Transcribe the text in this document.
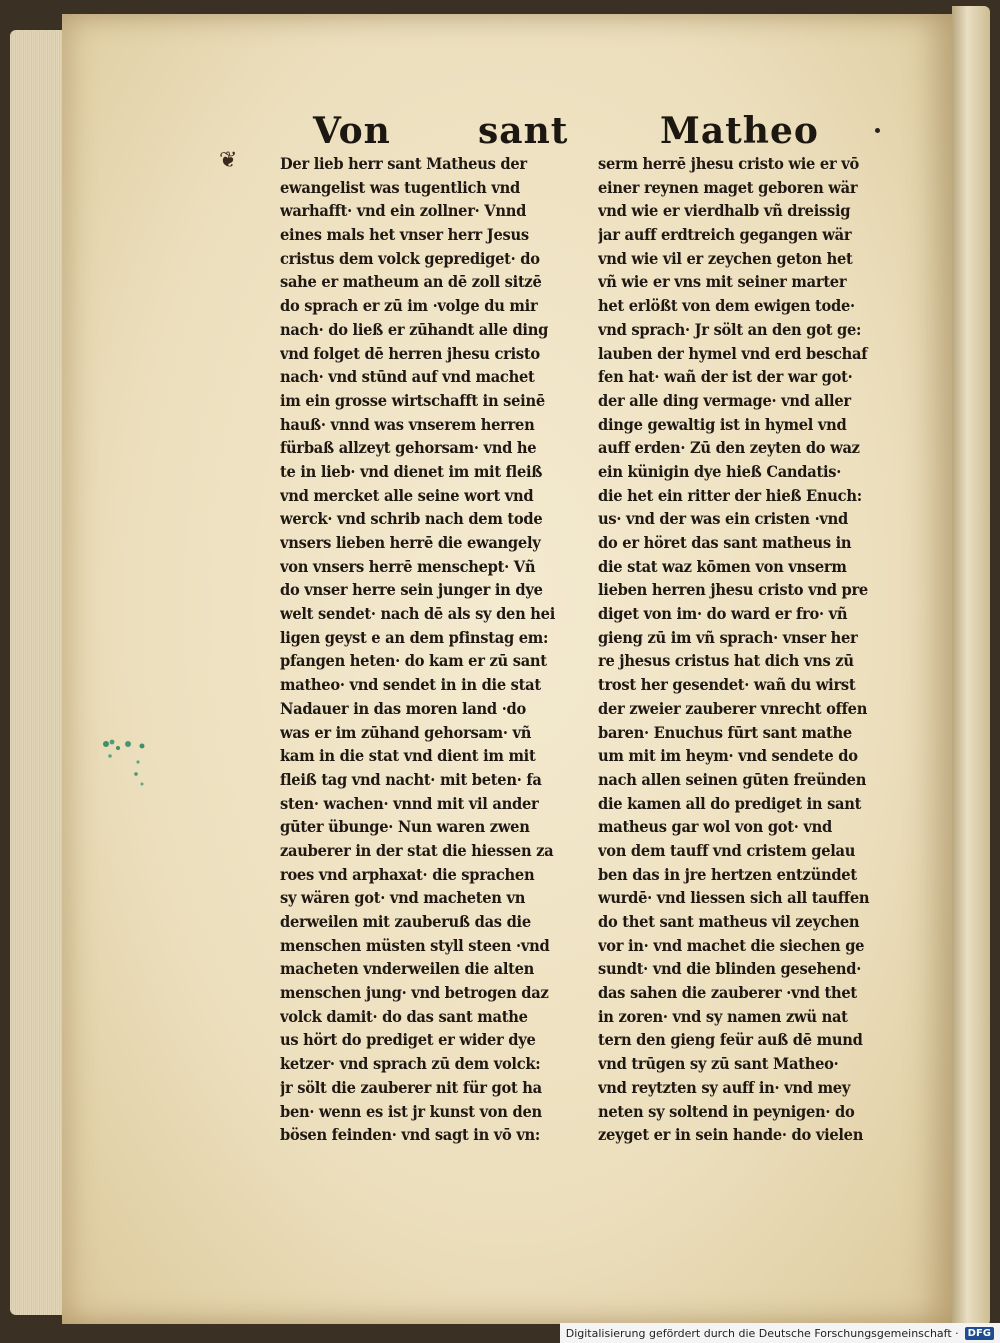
❦
Von sant	Matheo
Der lieb herr sant Matheus der
ewangelist was tugentlich vnd
warhafft· vnd ein zollner· Vnnd
eines mals het vnser herr Jesus
cristus dem volck geprediget· do
sahe er matheum an dē zoll sitzē
do sprach er zū im ·volge du mir
nach· do ließ er zūhandt alle ding
vnd folget dē herren jhesu cristo
nach· vnd stūnd auf vnd machet
im ein grosse wirtschafft in seinē
hauß· vnnd was vnserem herren
fürbaß allzeyt gehorsam· vnd he
te in lieb· vnd dienet im mit fleiß
vnd mercket alle seine wort vnd
werck· vnd schrib nach dem tode
vnsers lieben herrē die ewangely
von vnsers herrē menschept· Vñ
do vnser herre sein junger in dye
welt sendet· nach dē als sy den hei
ligen geyst e an dem pfinstag em:
pfangen heten· do kam er zū sant
matheo· vnd sendet in in die stat
Nadauer in das moren land ·do
was er im zūhand gehorsam· vñ
kam in die stat vnd dient im mit
fleiß tag vnd nacht· mit beten· fa
sten· wachen· vnnd mit vil ander
gūter übunge· Nun waren zwen
zauberer in der stat die hiessen za
roes vnd arphaxat· die sprachen
sy wären got· vnd macheten vn
derweilen mit zauberuß das die
menschen müsten styll steen ·vnd
macheten vnderweilen die alten
menschen jung· vnd betrogen daz
volck damit· do das sant mathe
us hört do prediget er wider dye
ketzer· vnd sprach zū dem volck:
jr sölt die zauberer nit für got ha
ben· wenn es ist jr kunst von den
bösen feinden· vnd sagt in vō vn:
serm herrē jhesu cristo wie er vō
einer reynen maget geboren wär
vnd wie er vierdhalb vñ dreissig
jar auff erdtreich gegangen wär
vnd wie vil er zeychen geton het
vñ wie er vns mit seiner marter
het erlößt von dem ewigen tode·
vnd sprach· Jr sölt an den got ge:
lauben der hymel vnd erd beschaf
fen hat· wañ der ist der war got·
der alle ding vermage· vnd aller
dinge gewaltig ist in hymel vnd
auff erden· Zū den zeyten do waz
ein künigin dye hieß Candatis·
die het ein ritter der hieß Enuch:
us· vnd der was ein cristen ·vnd
do er höret das sant matheus in
die stat waz kōmen von vnserm
lieben herren jhesu cristo vnd pre
diget von im· do ward er fro· vñ
gieng zū im vñ sprach· vnser her
re jhesus cristus hat dich vns zū
trost her gesendet· wañ du wirst
der zweier zauberer vnrecht offen
baren· Enuchus fūrt sant mathe
um mit im heym· vnd sendete do
nach allen seinen gūten freünden
die kamen all do prediget in sant
matheus gar wol von got· vnd
von dem tauff vnd cristem gelau
ben das in jre hertzen entzündet
wurdē· vnd liessen sich all tauffen
do thet sant matheus vil zeychen
vor in· vnd machet die siechen ge
sundt· vnd die blinden gesehend·
das sahen die zauberer ·vnd thet
in zoren· vnd sy namen zwü nat
tern den gieng feür auß dē mund
vnd trūgen sy zū sant Matheo·
vnd reytzten sy auff in· vnd mey
neten sy soltend in peynigen· do
zeyget er in sein hande· do vielen
Digitalisierung gefördert durch die Deutsche Forschungsgemeinschaft · DFG
